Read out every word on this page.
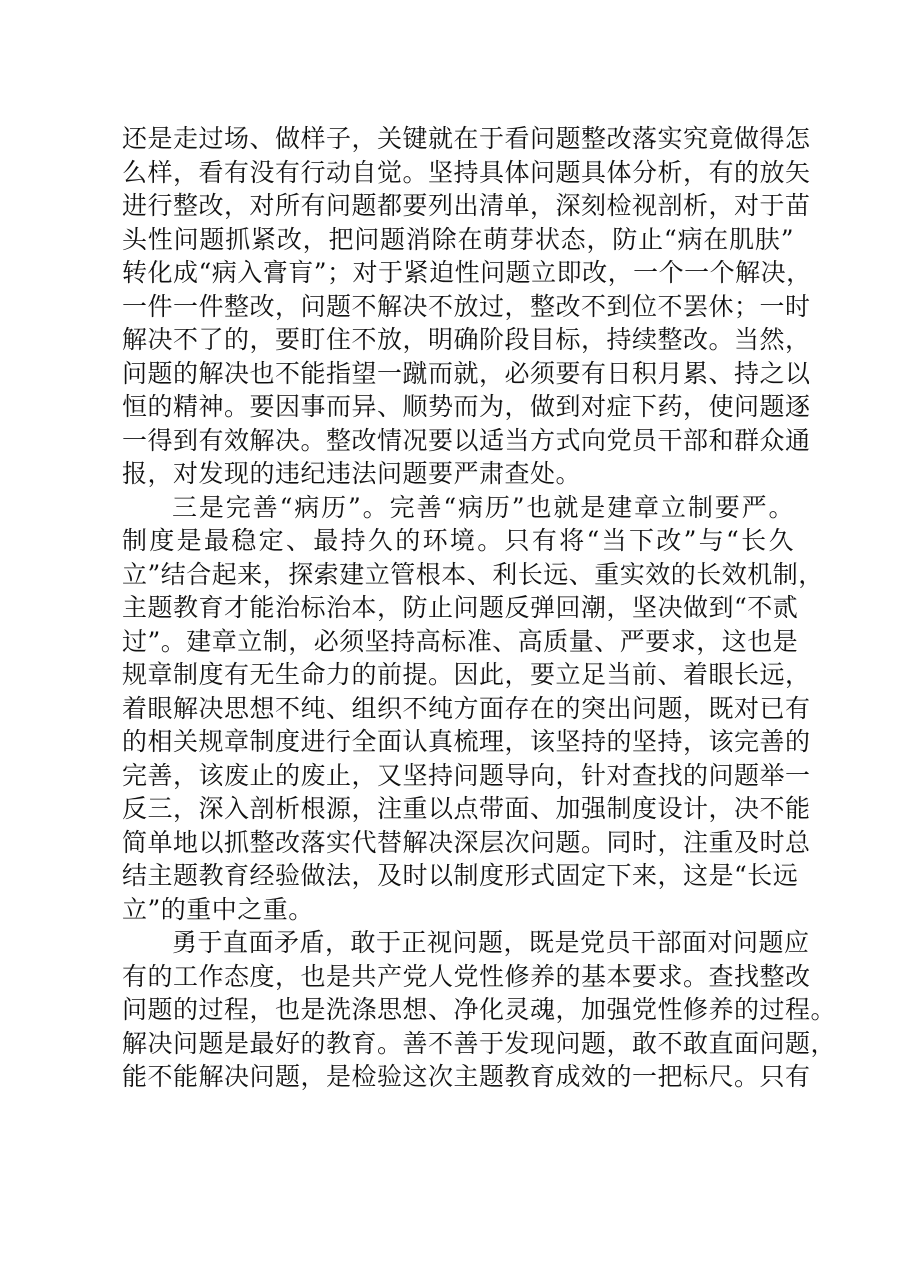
还是走过场、做样子，关键就在于看问题整改落实究竟做得怎
么样，看有没有行动自觉。坚持具体问题具体分析，有的放矢
进行整改，对所有问题都要列出清单，深刻检视剖析，对于苗
头性问题抓紧改，把问题消除在萌芽状态，防止“病在肌肤”
转化成“病入膏肓”；对于紧迫性问题立即改，一个一个解决，
一件一件整改，问题不解决不放过，整改不到位不罢休；一时
解决不了的，要盯住不放，明确阶段目标，持续整改。当然，
问题的解决也不能指望一蹴而就，必须要有日积月累、持之以
恒的精神。要因事而异、顺势而为，做到对症下药，使问题逐
一得到有效解决。整改情况要以适当方式向党员干部和群众通
报，对发现的违纪违法问题要严肃查处。
三是完善“病历”。完善“病历”也就是建章立制要严。
制度是最稳定、最持久的环境。只有将“当下改”与“长久
立”结合起来，探索建立管根本、利长远、重实效的长效机制，
主题教育才能治标治本，防止问题反弹回潮，坚决做到“不贰
过”。建章立制，必须坚持高标准、高质量、严要求，这也是
规章制度有无生命力的前提。因此，要立足当前、着眼长远，
着眼解决思想不纯、组织不纯方面存在的突出问题，既对已有
的相关规章制度进行全面认真梳理，该坚持的坚持，该完善的
完善，该废止的废止，又坚持问题导向，针对查找的问题举一
反三，深入剖析根源，注重以点带面、加强制度设计，决不能
简单地以抓整改落实代替解决深层次问题。同时，注重及时总
结主题教育经验做法，及时以制度形式固定下来，这是“长远
立”的重中之重。
勇于直面矛盾，敢于正视问题，既是党员干部面对问题应
有的工作态度，也是共产党人党性修养的基本要求。查找整改
问题的过程，也是洗涤思想、净化灵魂，加强党性修养的过程。
解决问题是最好的教育。善不善于发现问题，敢不敢直面问题，
能不能解决问题，是检验这次主题教育成效的一把标尺。只有
